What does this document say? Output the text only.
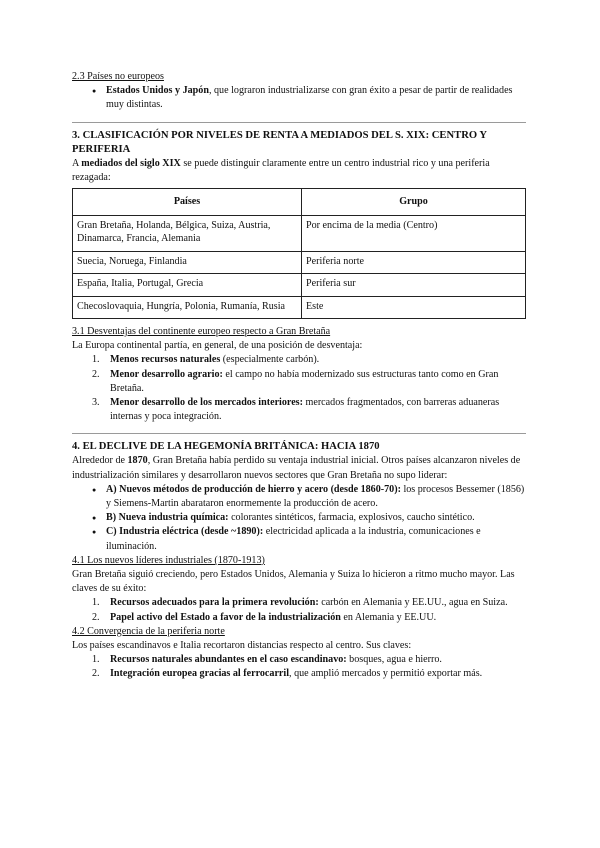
2.3 Países no europeos
● Estados Unidos y Japón, que lograron industrializarse con gran éxito a pesar de partir de realidades muy distintas.
3. CLASIFICACIÓN POR NIVELES DE RENTA A MEDIADOS DEL S. XIX: CENTRO Y PERIFERIA
A mediados del siglo XIX se puede distinguir claramente entre un centro industrial rico y una periferia rezagada:
Países	Grupo
Gran Bretaña, Holanda, Bélgica, Suiza, Austria, Dinamarca, Francia, Alemania	Por encima de la media (Centro)
Suecia, Noruega, Finlandia	Periferia norte
España, Italia, Portugal, Grecia	Periferia sur
Checoslovaquia, Hungría, Polonia, Rumanía, Rusia	Este
3.1 Desventajas del continente europeo respecto a Gran Bretaña
La Europa continental partía, en general, de una posición de desventaja:
1. Menos recursos naturales (especialmente carbón).
2. Menor desarrollo agrario: el campo no había modernizado sus estructuras tanto como en Gran Bretaña.
3. Menor desarrollo de los mercados interiores: mercados fragmentados, con barreras aduaneras internas y poca integración.
4. EL DECLIVE DE LA HEGEMONÍA BRITÁNICA: HACIA 1870
Alrededor de 1870, Gran Bretaña había perdido su ventaja industrial inicial. Otros países alcanzaron niveles de industrialización similares y desarrollaron nuevos sectores que Gran Bretaña no supo liderar:
● A) Nuevos métodos de producción de hierro y acero (desde 1860-70): los procesos Bessemer (1856) y Siemens-Martin abarataron enormemente la producción de acero.
● B) Nueva industria química: colorantes sintéticos, farmacia, explosivos, caucho sintético.
● C) Industria eléctrica (desde ~1890): electricidad aplicada a la industria, comunicaciones e iluminación.
4.1 Los nuevos líderes industriales (1870-1913)
Gran Bretaña siguió creciendo, pero Estados Unidos, Alemania y Suiza lo hicieron a ritmo mucho mayor. Las claves de su éxito:
1. Recursos adecuados para la primera revolución: carbón en Alemania y EE.UU., agua en Suiza.
2. Papel activo del Estado a favor de la industrialización en Alemania y EE.UU.
4.2 Convergencia de la periferia norte
Los países escandinavos e Italia recortaron distancias respecto al centro. Sus claves:
1. Recursos naturales abundantes en el caso escandinavo: bosques, agua e hierro.
2. Integración europea gracias al ferrocarril, que amplió mercados y permitió exportar más.
